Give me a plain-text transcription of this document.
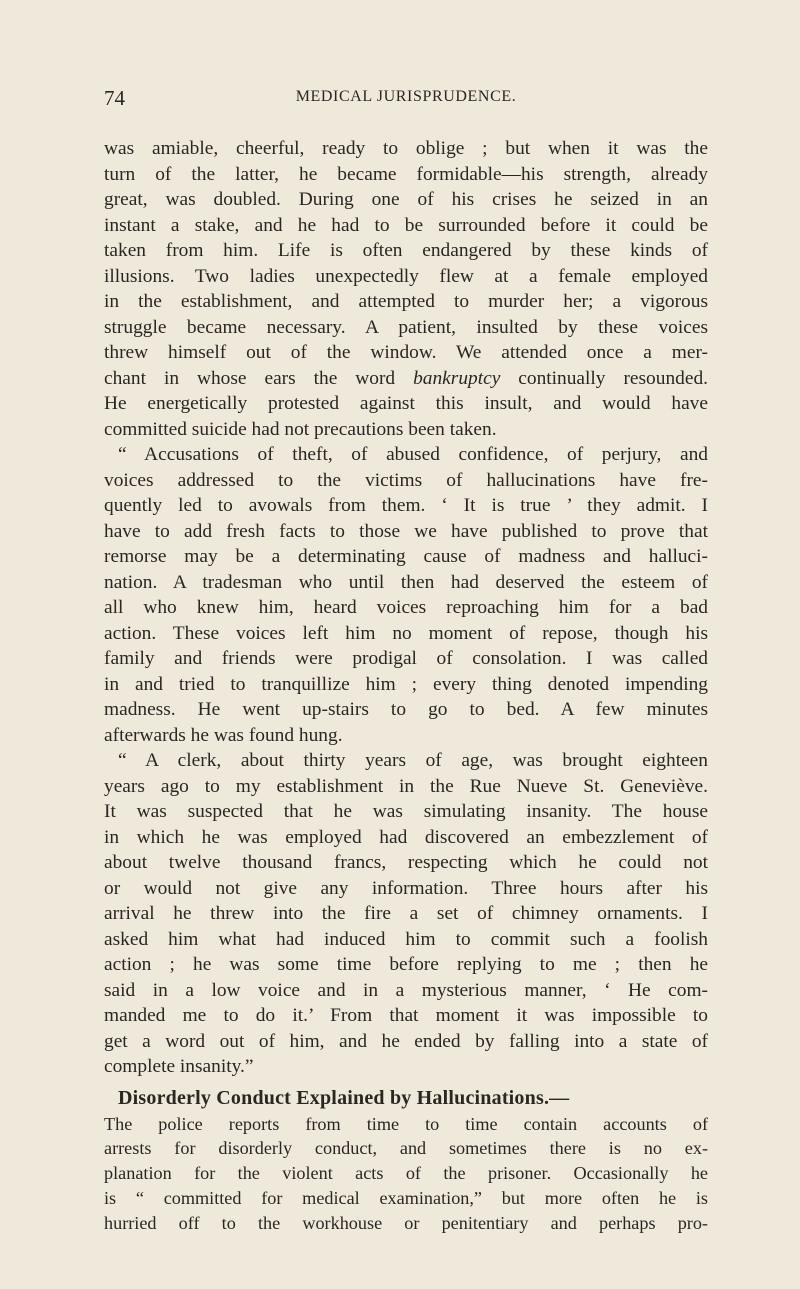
74	MEDICAL JURISPRUDENCE.
was amiable, cheerful, ready to oblige ; but when it was the
turn of the latter, he became formidable—his strength, already
great, was doubled. During one of his crises he seized in an
instant a stake, and he had to be surrounded before it could be
taken from him. Life is often endangered by these kinds of
illusions. Two ladies unexpectedly flew at a female employed
in the establishment, and attempted to murder her; a vigorous
struggle became necessary. A patient, insulted by these voices
threw himself out of the window. We attended once a mer-
chant in whose ears the word bankruptcy continually resounded.
He energetically protested against this insult, and would have
committed suicide had not precautions been taken.
“ Accusations of theft, of abused confidence, of perjury, and
voices addressed to the victims of hallucinations have fre-
quently led to avowals from them. ‘ It is true ’ they admit. I
have to add fresh facts to those we have published to prove that
remorse may be a determinating cause of madness and halluci-
nation. A tradesman who until then had deserved the esteem of
all who knew him, heard voices reproaching him for a bad
action. These voices left him no moment of repose, though his
family and friends were prodigal of consolation. I was called
in and tried to tranquillize him ; every thing denoted impending
madness. He went up-stairs to go to bed. A few minutes
afterwards he was found hung.
“ A clerk, about thirty years of age, was brought eighteen
years ago to my establishment in the Rue Nueve St. Geneviève.
It was suspected that he was simulating insanity. The house
in which he was employed had discovered an embezzlement of
about twelve thousand francs, respecting which he could not
or would not give any information. Three hours after his
arrival he threw into the fire a set of chimney ornaments. I
asked him what had induced him to commit such a foolish
action ; he was some time before replying to me ; then he
said in a low voice and in a mysterious manner, ‘ He com-
manded me to do it.’ From that moment it was impossible to
get a word out of him, and he ended by falling into a state of
complete insanity.”
Disorderly Conduct Explained by Hallucinations.—
The police reports from time to time contain accounts of
arrests for disorderly conduct, and sometimes there is no ex-
planation for the violent acts of the prisoner. Occasionally he
is “ committed for medical examination,” but more often he is
hurried off to the workhouse or penitentiary and perhaps pro-
